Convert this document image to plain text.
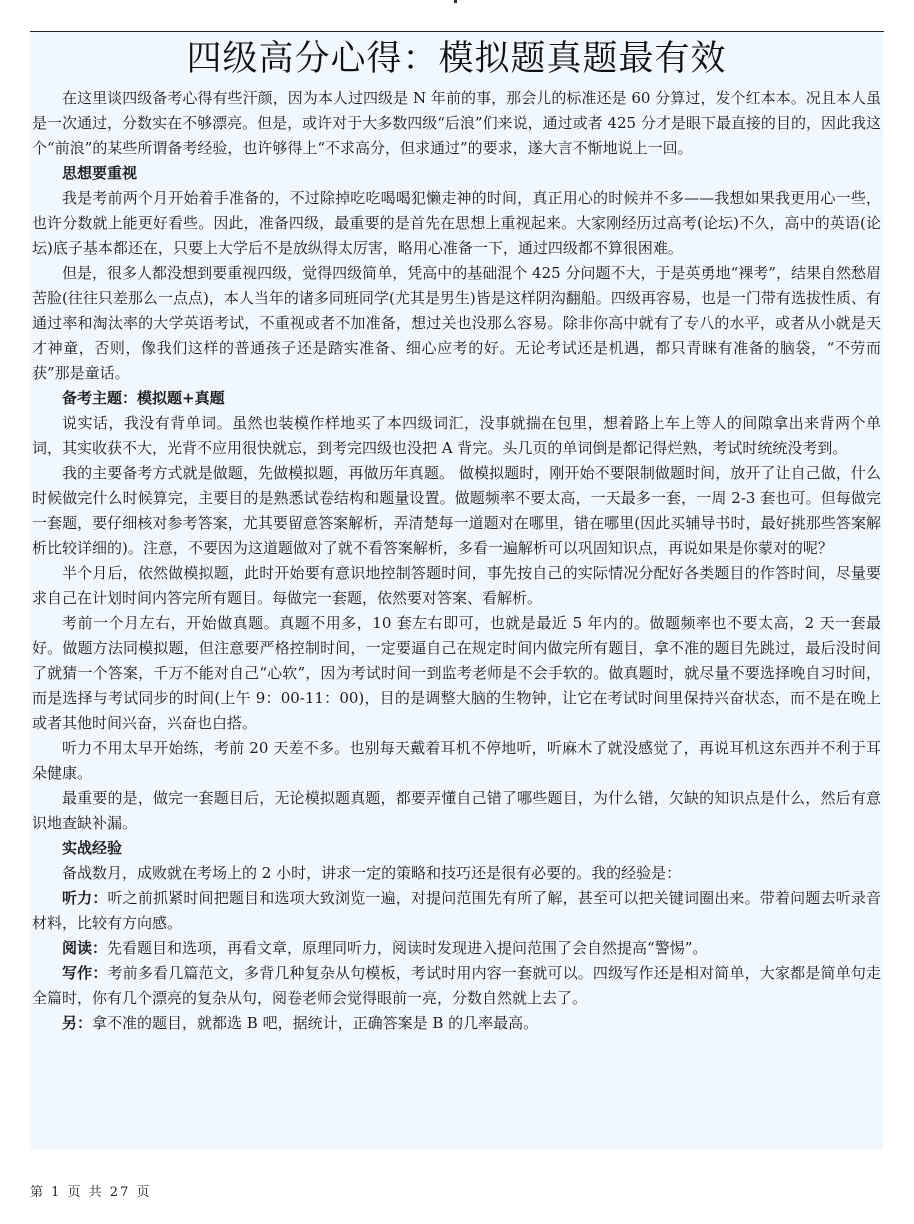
四级高分心得：模拟题真题最有效

在这里谈四级备考心得有些汗颜，因为本人过四级是 N 年前的事，那会儿的标准还是 60 分算过，发个红本本。况且本人虽是一次通过，分数实在不够漂亮。但是，或许对于大多数四级“后浪”们来说，通过或者 425 分才是眼下最直接的目的，因此我这个“前浪”的某些所谓备考经验，也许够得上“不求高分，但求通过”的要求，遂大言不惭地说上一回。

思想要重视

我是考前两个月开始着手准备的，不过除掉吃吃喝喝犯懒走神的时间，真正用心的时候并不多——我想如果我更用心一些，也许分数就上能更好看些。因此，准备四级，最重要的是首先在思想上重视起来。大家刚经历过高考(论坛)不久，高中的英语(论坛)底子基本都还在，只要上大学后不是放纵得太厉害，略用心准备一下，通过四级都不算很困难。

但是，很多人都没想到要重视四级，觉得四级简单，凭高中的基础混个 425 分问题不大，于是英勇地“裸考”，结果自然愁眉苦脸(往往只差那么一点点)，本人当年的诸多同班同学(尤其是男生)皆是这样阴沟翻船。四级再容易，也是一门带有选拔性质、有通过率和淘汰率的大学英语考试，不重视或者不加准备，想过关也没那么容易。除非你高中就有了专八的水平，或者从小就是天才神童，否则，像我们这样的普通孩子还是踏实准备、细心应考的好。无论考试还是机遇，都只青睐有准备的脑袋，“不劳而获”那是童话。

备考主题：模拟题+真题

说实话，我没有背单词。虽然也装模作样地买了本四级词汇，没事就揣在包里，想着路上车上等人的间隙拿出来背两个单词，其实收获不大，光背不应用很快就忘，到考完四级也没把 A 背完。头几页的单词倒是都记得烂熟，考试时统统没考到。

我的主要备考方式就是做题，先做模拟题，再做历年真题。 做模拟题时，刚开始不要限制做题时间，放开了让自己做，什么时候做完什么时候算完，主要目的是熟悉试卷结构和题量设置。做题频率不要太高，一天最多一套，一周 2-3 套也可。但每做完一套题，要仔细核对参考答案，尤其要留意答案解析，弄清楚每一道题对在哪里，错在哪里(因此买辅导书时，最好挑那些答案解析比较详细的)。注意，不要因为这道题做对了就不看答案解析，多看一遍解析可以巩固知识点，再说如果是你蒙对的呢？

半个月后，依然做模拟题，此时开始要有意识地控制答题时间，事先按自己的实际情况分配好各类题目的作答时间，尽量要求自己在计划时间内答完所有题目。每做完一套题，依然要对答案、看解析。

考前一个月左右，开始做真题。真题不用多，10 套左右即可，也就是最近 5 年内的。做题频率也不要太高，2 天一套最好。做题方法同模拟题，但注意要严格控制时间，一定要逼自己在规定时间内做完所有题目，拿不准的题目先跳过，最后没时间了就猜一个答案，千万不能对自己“心软”，因为考试时间一到监考老师是不会手软的。做真题时，就尽量不要选择晚自习时间，而是选择与考试同步的时间(上午 9：00-11：00)，目的是调整大脑的生物钟，让它在考试时间里保持兴奋状态，而不是在晚上或者其他时间兴奋，兴奋也白搭。

听力不用太早开始练，考前 20 天差不多。也别每天戴着耳机不停地听，听麻木了就没感觉了，再说耳机这东西并不利于耳朵健康。

最重要的是，做完一套题目后，无论模拟题真题，都要弄懂自己错了哪些题目，为什么错，欠缺的知识点是什么，然后有意识地查缺补漏。

实战经验

备战数月，成败就在考场上的 2 小时，讲求一定的策略和技巧还是很有必要的。我的经验是：

听力：听之前抓紧时间把题目和选项大致浏览一遍，对提问范围先有所了解，甚至可以把关键词圈出来。带着问题去听录音材料，比较有方向感。

阅读：先看题目和选项，再看文章，原理同听力，阅读时发现进入提问范围了会自然提高“警惕”。

写作：考前多看几篇范文，多背几种复杂从句模板，考试时用内容一套就可以。四级写作还是相对简单，大家都是简单句走全篇时，你有几个漂亮的复杂从句，阅卷老师会觉得眼前一亮，分数自然就上去了。

另：拿不准的题目，就都选 B 吧，据统计，正确答案是 B 的几率最高。

第 1 页 共 27 页
